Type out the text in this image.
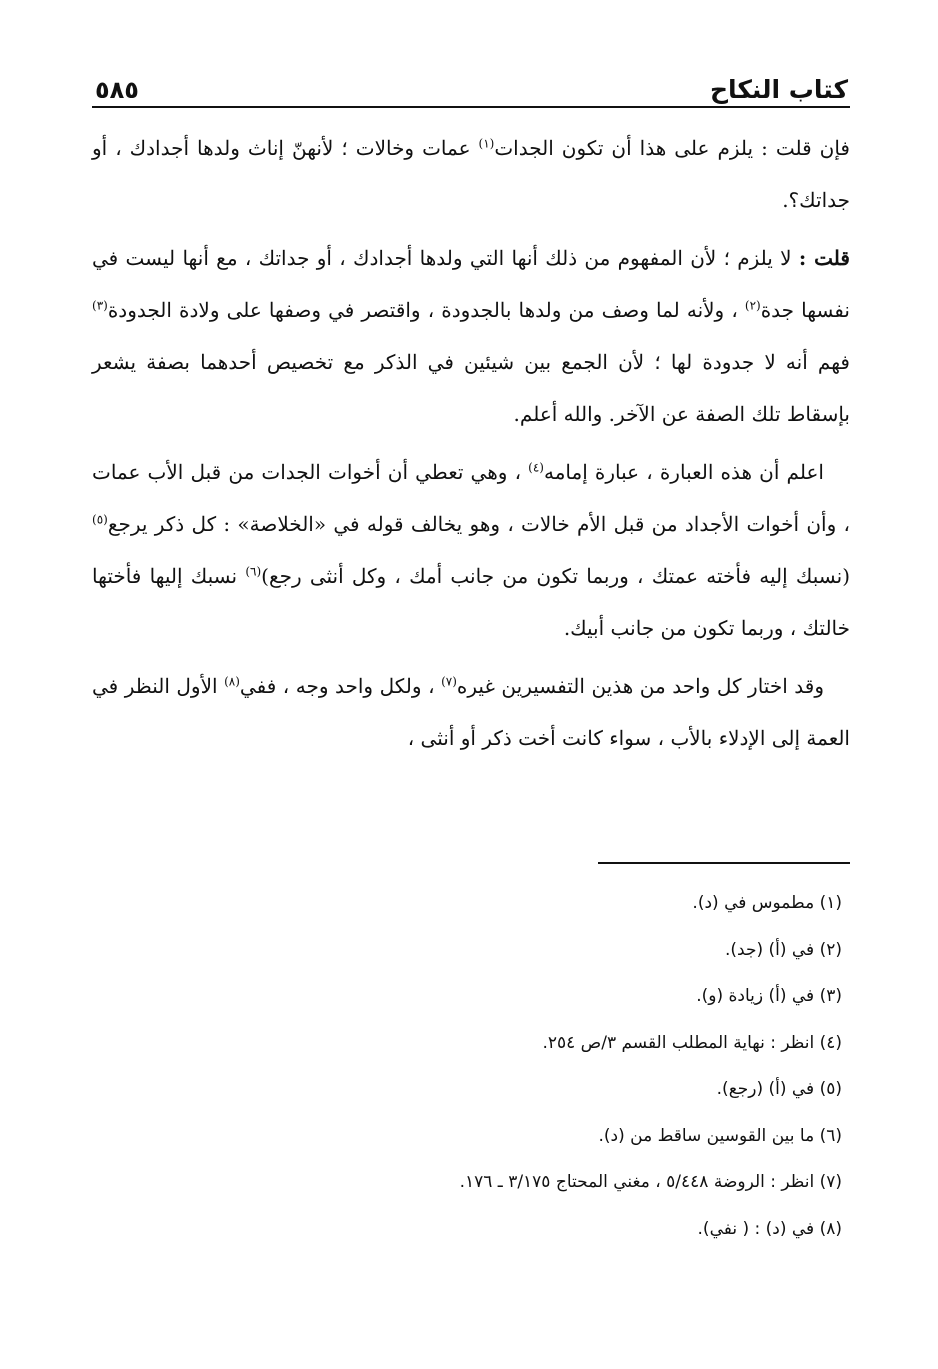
كتاب النكاح
٥٨٥

فإن قلت : يلزم على هذا أن تكون الجدات$^{(١)}$ عمات وخالات ؛ لأنهنّ إناث ولدها أجدادك ، أو جداتك؟.

قلت : لا يلزم ؛ لأن المفهوم من ذلك أنها التي ولدها أجدادك ، أو جداتك ، مع أنها ليست في نفسها جدة$^{(٢)}$ ، ولأنه لما وصف من ولدها بالجدودة ، واقتصر في وصفها على ولادة الجدودة$^{(٣)}$ فهم أنه لا جدودة لها ؛ لأن الجمع بين شيئين في الذكر مع تخصيص أحدهما بصفة يشعر بإسقاط تلك الصفة عن الآخر. والله أعلم.

اعلم أن هذه العبارة ، عبارة إمامه$^{(٤)}$ ، وهي تعطي أن أخوات الجدات من قبل الأب عمات ، وأن أخوات الأجداد من قبل الأم خالات ، وهو يخالف قوله في «الخلاصة» : كل ذكر يرجع$^{(٥)}$ (نسبك إليه فأخته عمتك ، وربما تكون من جانب أمك ، وكل أنثى رجع)$^{(٦)}$ نسبك إليها فأختها خالتك ، وربما تكون من جانب أبيك.

وقد اختار كل واحد من هذين التفسيرين غيره$^{(٧)}$ ، ولكل واحد وجه ، ففي$^{(٨)}$ الأول النظر في العمة إلى الإدلاء بالأب ، سواء كانت أخت ذكر أو أنثى ،

(١) مطموس في (د).
(٢) في (أ) (جد).
(٣) في (أ) زيادة (و).
(٤) انظر : نهاية المطلب القسم ٣/ص ٢٥٤.
(٥) في (أ) (رجع).
(٦) ما بين القوسين ساقط من (د).
(٧) انظر : الروضة ٥/٤٤٨ ، مغني المحتاج ٣/١٧٥ ـ ١٧٦.
(٨) في (د) : ( نفي).
